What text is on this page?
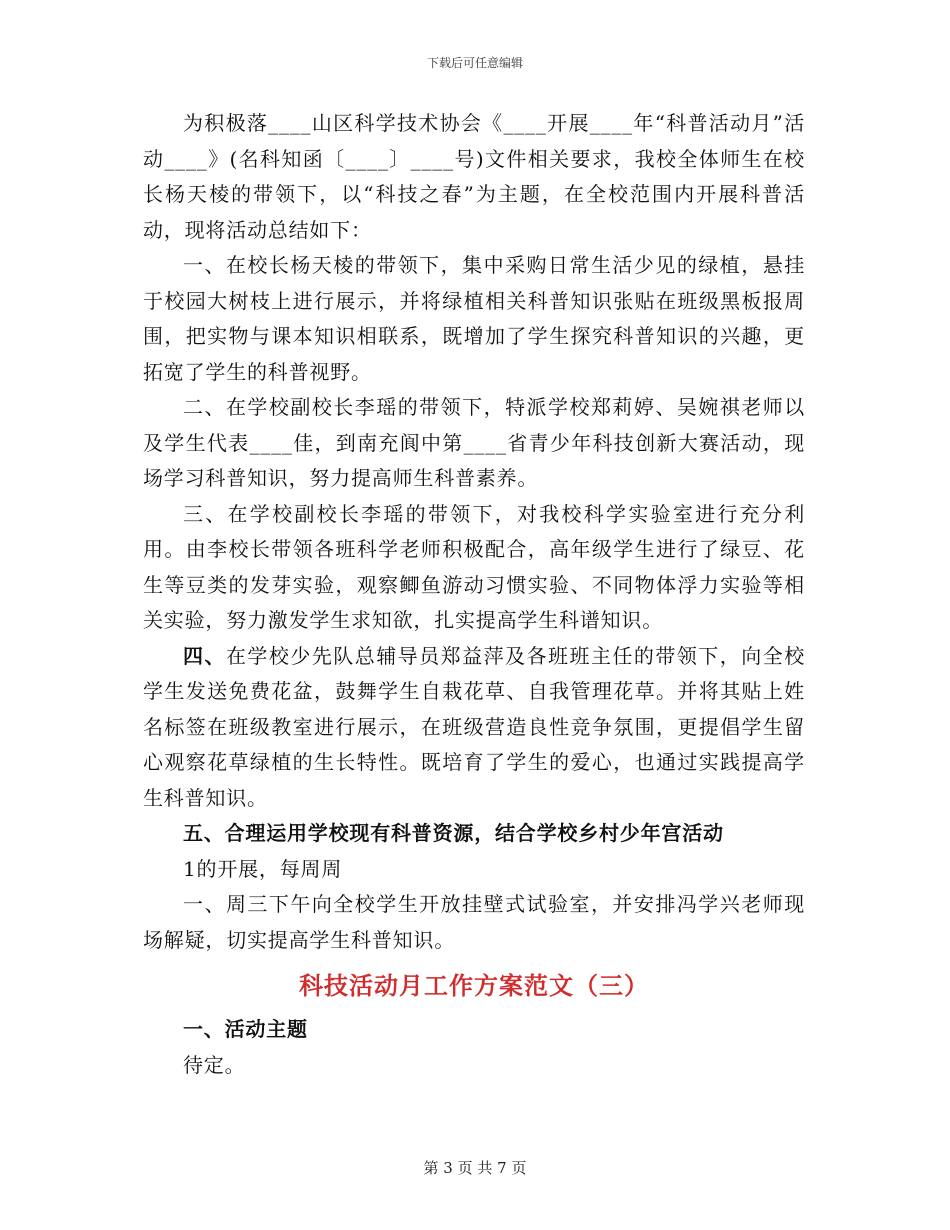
下载后可任意编辑

为积极落____山区科学技术协会《____开展____年“科普活动月”活动____》(名科知函〔____〕____号)文件相关要求，我校全体师生在校长杨天棱的带领下，以“科技之春”为主题，在全校范围内开展科普活动，现将活动总结如下：

一、在校长杨天棱的带领下，集中采购日常生活少见的绿植，悬挂于校园大树枝上进行展示，并将绿植相关科普知识张贴在班级黑板报周围，把实物与课本知识相联系，既增加了学生探究科普知识的兴趣，更拓宽了学生的科普视野。

二、在学校副校长李瑶的带领下，特派学校郑莉婷、吴婉祺老师以及学生代表____佳，到南充阆中第____省青少年科技创新大赛活动，现场学习科普知识，努力提高师生科普素养。

三、在学校副校长李瑶的带领下，对我校科学实验室进行充分利用。由李校长带领各班科学老师积极配合，高年级学生进行了绿豆、花生等豆类的发芽实验，观察鲫鱼游动习惯实验、不同物体浮力实验等相关实验，努力激发学生求知欲，扎实提高学生科谱知识。

四、在学校少先队总辅导员郑益萍及各班班主任的带领下，向全校学生发送免费花盆，鼓舞学生自栽花草、自我管理花草。并将其贴上姓名标签在班级教室进行展示，在班级营造良性竞争氛围，更提倡学生留心观察花草绿植的生长特性。既培育了学生的爱心，也通过实践提高学生科普知识。

五、合理运用学校现有科普资源，结合学校乡村少年宫活动

1的开展，每周周

一、周三下午向全校学生开放挂壁式试验室，并安排冯学兴老师现场解疑，切实提高学生科普知识。

科技活动月工作方案范文（三）

一、活动主题

待定。

第 3 页 共 7 页
